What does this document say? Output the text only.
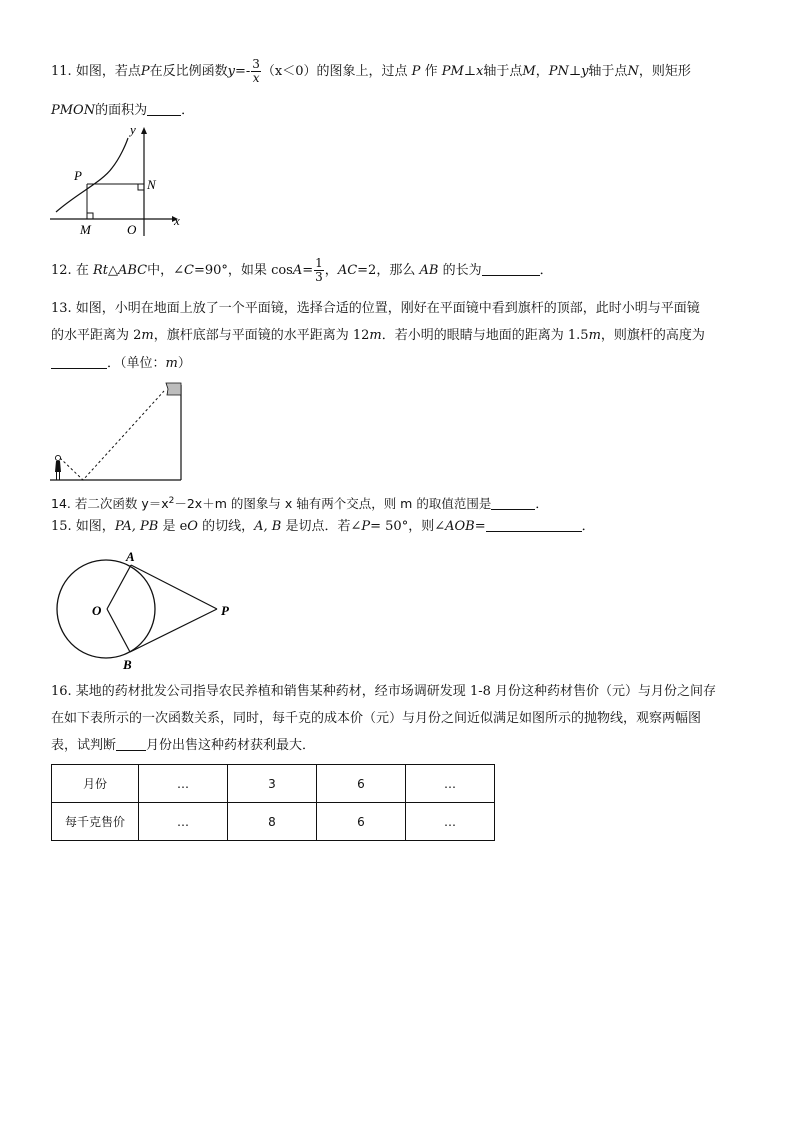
11. 如图，若点P在反比例函数$y=- \frac{3}{x} (x<0)$的图象上，过点 P 作 PM⊥x轴于点M，PN⊥y轴于点N，则矩形
PMON的面积为	．
y
x
P
N
M	O
12. 在 Rt△ABC中，∠C=90°，如果 $\cos A= \frac{1}{3}$ ，AC=2，那么 AB 的长为	．
13. 如图，小明在地面上放了一个平面镜，选择合适的位置，刚好在平面镜中看到旗杆的顶部，此时小明与平面镜
的水平距离为 2m，旗杆底部与平面镜的水平距离为 12m．若小明的眼睛与地面的距离为 1.5m，则旗杆的高度为
．（单位：m）
14. 若二次函数 $y=x^2-2x+m$ 的图象与 x 轴有两个交点，则 m 的取值范围是	．
15. 如图，PA, PB 是 eO 的切线，A, B 是切点．若∠P= 50°，则∠AOB=	．
A
B
O	P
16. 某地的药材批发公司指导农民养植和销售某种药材，经市场调研发现 1-8 月份这种药材售价（元）与月份之间存
在如下表所示的一次函数关系，同时，每千克的成本价（元）与月份之间近似满足如图所示的抛物线，观察两幅图
表，试判断 月份出售这种药材获利最大．
月份	…	3	6	…
每千克售价	…	8	6	…
